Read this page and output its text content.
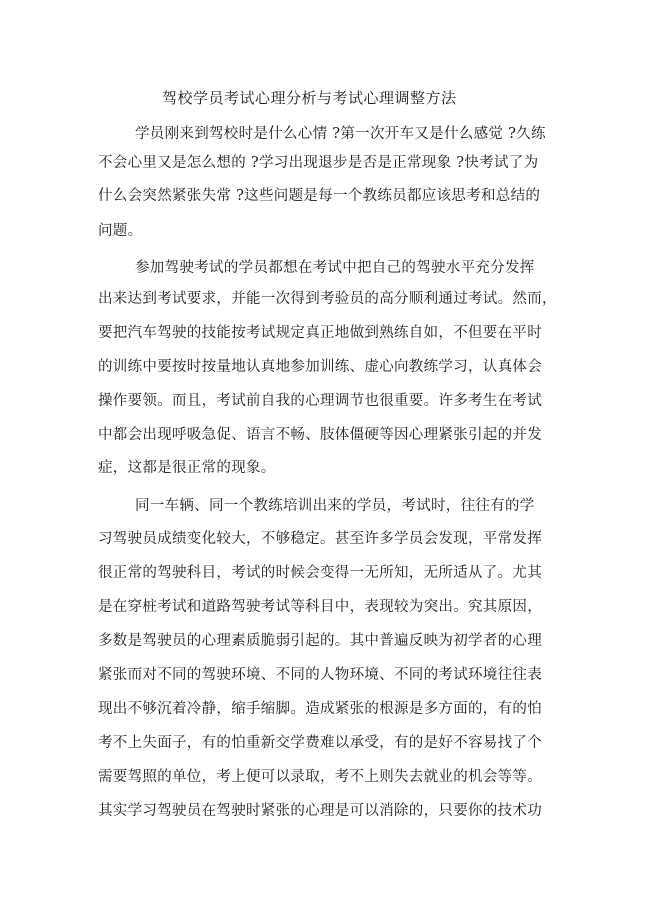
驾校学员考试心理分析与考试心理调整方法
学员刚来到驾校时是什么心情 ?第一次开车又是什么感觉 ?久练
不会心里又是怎么想的 ?学习出现退步是否是正常现象 ?快考试了为
什么会突然紧张失常 ?这些问题是每一个教练员都应该思考和总结的
问题。
参加驾驶考试的学员都想在考试中把自己的驾驶水平充分发挥
出来达到考试要求，并能一次得到考验员的高分顺利通过考试。然而，
要把汽车驾驶的技能按考试规定真正地做到熟练自如，不但要在平时
的训练中要按时按量地认真地参加训练、虚心向教练学习，认真体会
操作要领。而且，考试前自我的心理调节也很重要。许多考生在考试
中都会出现呼吸急促、语言不畅、肢体僵硬等因心理紧张引起的并发
症，这都是很正常的现象。
同一车辆、同一个教练培训出来的学员，考试时，往往有的学
习驾驶员成绩变化较大，不够稳定。甚至许多学员会发现，平常发挥
很正常的驾驶科目，考试的时候会变得一无所知，无所适从了。尤其
是在穿桩考试和道路驾驶考试等科目中，表现较为突出。究其原因，
多数是驾驶员的心理素质脆弱引起的。其中普遍反映为初学者的心理
紧张而对不同的驾驶环境、不同的人物环境、不同的考试环境往往表
现出不够沉着冷静，缩手缩脚。造成紧张的根源是多方面的，有的怕
考不上失面子，有的怕重新交学费难以承受，有的是好不容易找了个
需要驾照的单位，考上便可以录取，考不上则失去就业的机会等等。
其实学习驾驶员在驾驶时紧张的心理是可以消除的，只要你的技术功
